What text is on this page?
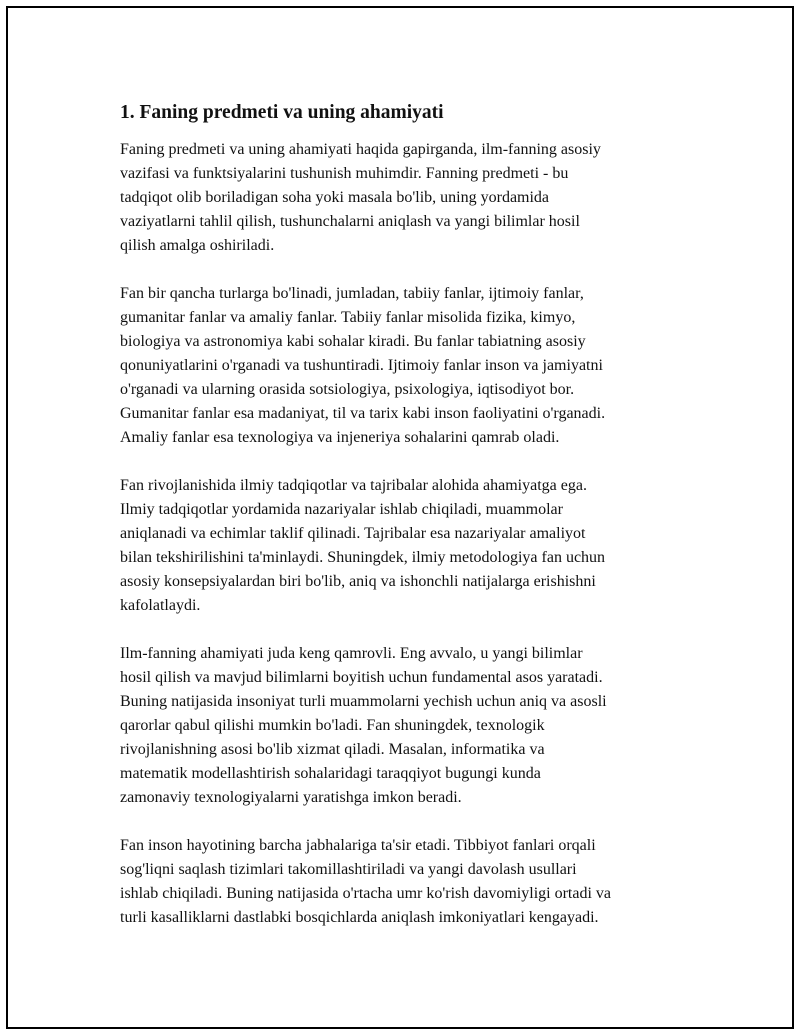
1. Faning predmeti va uning ahamiyati

Faning predmeti va uning ahamiyati haqida gapirganda, ilm-fanning asosiy
vazifasi va funktsiyalarini tushunish muhimdir. Fanning predmeti - bu
tadqiqot olib boriladigan soha yoki masala bo'lib, uning yordamida
vaziyatlarni tahlil qilish, tushunchalarni aniqlash va yangi bilimlar hosil
qilish amalga oshiriladi.

Fan bir qancha turlarga bo'linadi, jumladan, tabiiy fanlar, ijtimoiy fanlar,
gumanitar fanlar va amaliy fanlar. Tabiiy fanlar misolida fizika, kimyo,
biologiya va astronomiya kabi sohalar kiradi. Bu fanlar tabiatning asosiy
qonuniyatlarini o'rganadi va tushuntiradi. Ijtimoiy fanlar inson va jamiyatni
o'rganadi va ularning orasida sotsiologiya, psixologiya, iqtisodiyot bor.
Gumanitar fanlar esa madaniyat, til va tarix kabi inson faoliyatini o'rganadi.
Amaliy fanlar esa texnologiya va injeneriya sohalarini qamrab oladi.

Fan rivojlanishida ilmiy tadqiqotlar va tajribalar alohida ahamiyatga ega.
Ilmiy tadqiqotlar yordamida nazariyalar ishlab chiqiladi, muammolar
aniqlanadi va echimlar taklif qilinadi. Tajribalar esa nazariyalar amaliyot
bilan tekshirilishini ta'minlaydi. Shuningdek, ilmiy metodologiya fan uchun
asosiy konsepsiyalardan biri bo'lib, aniq va ishonchli natijalarga erishishni
kafolatlaydi.

Ilm-fanning ahamiyati juda keng qamrovli. Eng avvalo, u yangi bilimlar
hosil qilish va mavjud bilimlarni boyitish uchun fundamental asos yaratadi.
Buning natijasida insoniyat turli muammolarni yechish uchun aniq va asosli
qarorlar qabul qilishi mumkin bo'ladi. Fan shuningdek, texnologik
rivojlanishning asosi bo'lib xizmat qiladi. Masalan, informatika va
matematik modellashtirish sohalaridagi taraqqiyot bugungi kunda
zamonaviy texnologiyalarni yaratishga imkon beradi.

Fan inson hayotining barcha jabhalariga ta'sir etadi. Tibbiyot fanlari orqali
sog'liqni saqlash tizimlari takomillashtiriladi va yangi davolash usullari
ishlab chiqiladi. Buning natijasida o'rtacha umr ko'rish davomiyligi ortadi va
turli kasalliklarni dastlabki bosqichlarda aniqlash imkoniyatlari kengayadi.
